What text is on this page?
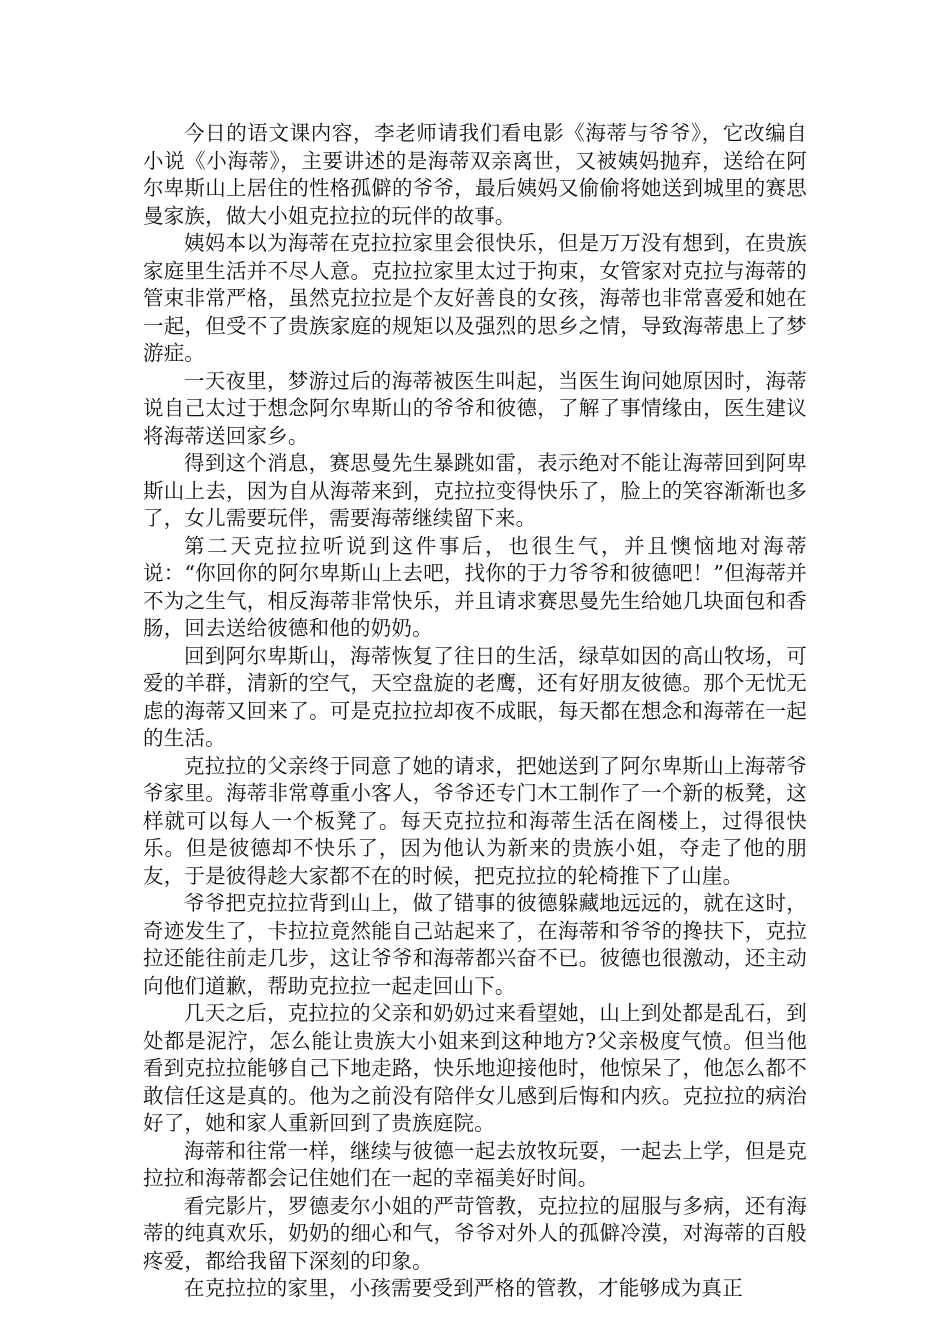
今日的语文课内容，李老师请我们看电影《海蒂与爷爷》，它改编自小说《小海蒂》，主要讲述的是海蒂双亲离世，又被姨妈抛弃，送给在阿尔卑斯山上居住的性格孤僻的爷爷，最后姨妈又偷偷将她送到城里的赛思曼家族，做大小姐克拉拉的玩伴的故事。

姨妈本以为海蒂在克拉拉家里会很快乐，但是万万没有想到，在贵族家庭里生活并不尽人意。克拉拉家里太过于拘束，女管家对克拉与海蒂的管束非常严格，虽然克拉拉是个友好善良的女孩，海蒂也非常喜爱和她在一起，但受不了贵族家庭的规矩以及强烈的思乡之情，导致海蒂患上了梦游症。

一天夜里，梦游过后的海蒂被医生叫起，当医生询问她原因时，海蒂说自己太过于想念阿尔卑斯山的爷爷和彼德，了解了事情缘由，医生建议将海蒂送回家乡。

得到这个消息，赛思曼先生暴跳如雷，表示绝对不能让海蒂回到阿卑斯山上去，因为自从海蒂来到，克拉拉变得快乐了，脸上的笑容渐渐也多了，女儿需要玩伴，需要海蒂继续留下来。

第二天克拉拉听说到这件事后，也很生气，并且懊恼地对海蒂说：“你回你的阿尔卑斯山上去吧，找你的于力爷爷和彼德吧！”但海蒂并不为之生气，相反海蒂非常快乐，并且请求赛思曼先生给她几块面包和香肠，回去送给彼德和他的奶奶。

回到阿尔卑斯山，海蒂恢复了往日的生活，绿草如因的高山牧场，可爱的羊群，清新的空气，天空盘旋的老鹰，还有好朋友彼德。那个无忧无虑的海蒂又回来了。可是克拉拉却夜不成眠，每天都在想念和海蒂在一起的生活。

克拉拉的父亲终于同意了她的请求，把她送到了阿尔卑斯山上海蒂爷爷家里。海蒂非常尊重小客人，爷爷还专门木工制作了一个新的板凳，这样就可以每人一个板凳了。每天克拉拉和海蒂生活在阁楼上，过得很快乐。但是彼德却不快乐了，因为他认为新来的贵族小姐，夺走了他的朋友，于是彼得趁大家都不在的时候，把克拉拉的轮椅推下了山崖。

爷爷把克拉拉背到山上，做了错事的彼德躲藏地远远的，就在这时，奇迹发生了，卡拉拉竟然能自己站起来了，在海蒂和爷爷的搀扶下，克拉拉还能往前走几步，这让爷爷和海蒂都兴奋不已。彼德也很激动，还主动向他们道歉，帮助克拉拉一起走回山下。

几天之后，克拉拉的父亲和奶奶过来看望她，山上到处都是乱石，到处都是泥泞，怎么能让贵族大小姐来到这种地方?父亲极度气愤。但当他看到克拉拉能够自己下地走路，快乐地迎接他时，他惊呆了，他怎么都不敢信任这是真的。他为之前没有陪伴女儿感到后悔和内疚。克拉拉的病治好了，她和家人重新回到了贵族庭院。

海蒂和往常一样，继续与彼德一起去放牧玩耍，一起去上学，但是克拉拉和海蒂都会记住她们在一起的幸福美好时间。

看完影片，罗德麦尔小姐的严苛管教，克拉拉的屈服与多病，还有海蒂的纯真欢乐，奶奶的细心和气，爷爷对外人的孤僻冷漠，对海蒂的百般疼爱，都给我留下深刻的印象。

在克拉拉的家里，小孩需要受到严格的管教，才能够成为真正
